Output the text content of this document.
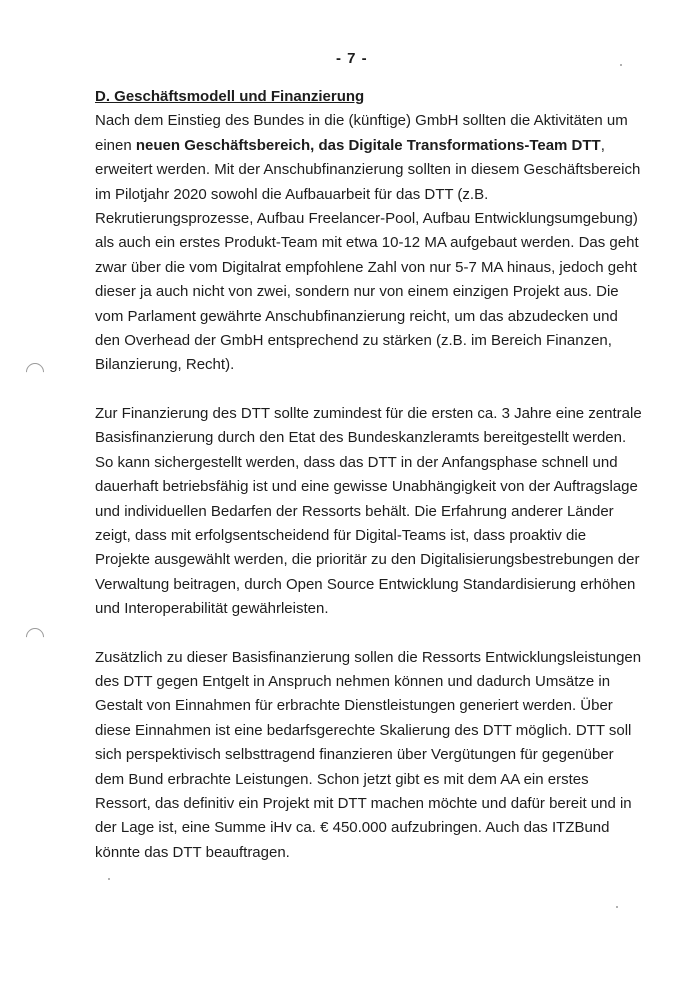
- 7 -
D. Geschäftsmodell und Finanzierung

Nach dem Einstieg des Bundes in die (künftige) GmbH sollten die Aktivitäten um
einen neuen Geschäftsbereich, das Digitale Transformations-Team DTT,
erweitert werden. Mit der Anschubfinanzierung sollten in diesem Geschäftsbereich
im Pilotjahr 2020 sowohl die Aufbauarbeit für das DTT (z.B.
Rekrutierungsprozesse, Aufbau Freelancer-Pool, Aufbau Entwicklungsumgebung)
als auch ein erstes Produkt-Team mit etwa 10-12 MA aufgebaut werden. Das geht
zwar über die vom Digitalrat empfohlene Zahl von nur 5-7 MA hinaus, jedoch geht
dieser ja auch nicht von zwei, sondern nur von einem einzigen Projekt aus. Die
vom Parlament gewährte Anschubfinanzierung reicht, um das abzudecken und
den Overhead der GmbH entsprechend zu stärken (z.B. im Bereich Finanzen,
Bilanzierung, Recht).

Zur Finanzierung des DTT sollte zumindest für die ersten ca. 3 Jahre eine zentrale
Basisfinanzierung durch den Etat des Bundeskanzleramts bereitgestellt werden.
So kann sichergestellt werden, dass das DTT in der Anfangsphase schnell und
dauerhaft betriebsfähig ist und eine gewisse Unabhängigkeit von der Auftragslage
und individuellen Bedarfen der Ressorts behält. Die Erfahrung anderer Länder
zeigt, dass mit erfolgsentscheidend für Digital-Teams ist, dass proaktiv die
Projekte ausgewählt werden, die prioritär zu den Digitalisierungsbestrebungen der
Verwaltung beitragen, durch Open Source Entwicklung Standardisierung erhöhen
und Interoperabilität gewährleisten.

Zusätzlich zu dieser Basisfinanzierung sollen die Ressorts Entwicklungsleistungen
des DTT gegen Entgelt in Anspruch nehmen können und dadurch Umsätze in
Gestalt von Einnahmen für erbrachte Dienstleistungen generiert werden. Über
diese Einnahmen ist eine bedarfsgerechte Skalierung des DTT möglich. DTT soll
sich perspektivisch selbsttragend finanzieren über Vergütungen für gegenüber
dem Bund erbrachte Leistungen. Schon jetzt gibt es mit dem AA ein erstes
Ressort, das definitiv ein Projekt mit DTT machen möchte und dafür bereit und in
der Lage ist, eine Summe iHv ca. € 450.000 aufzubringen. Auch das ITZBund
könnte das DTT beauftragen.
